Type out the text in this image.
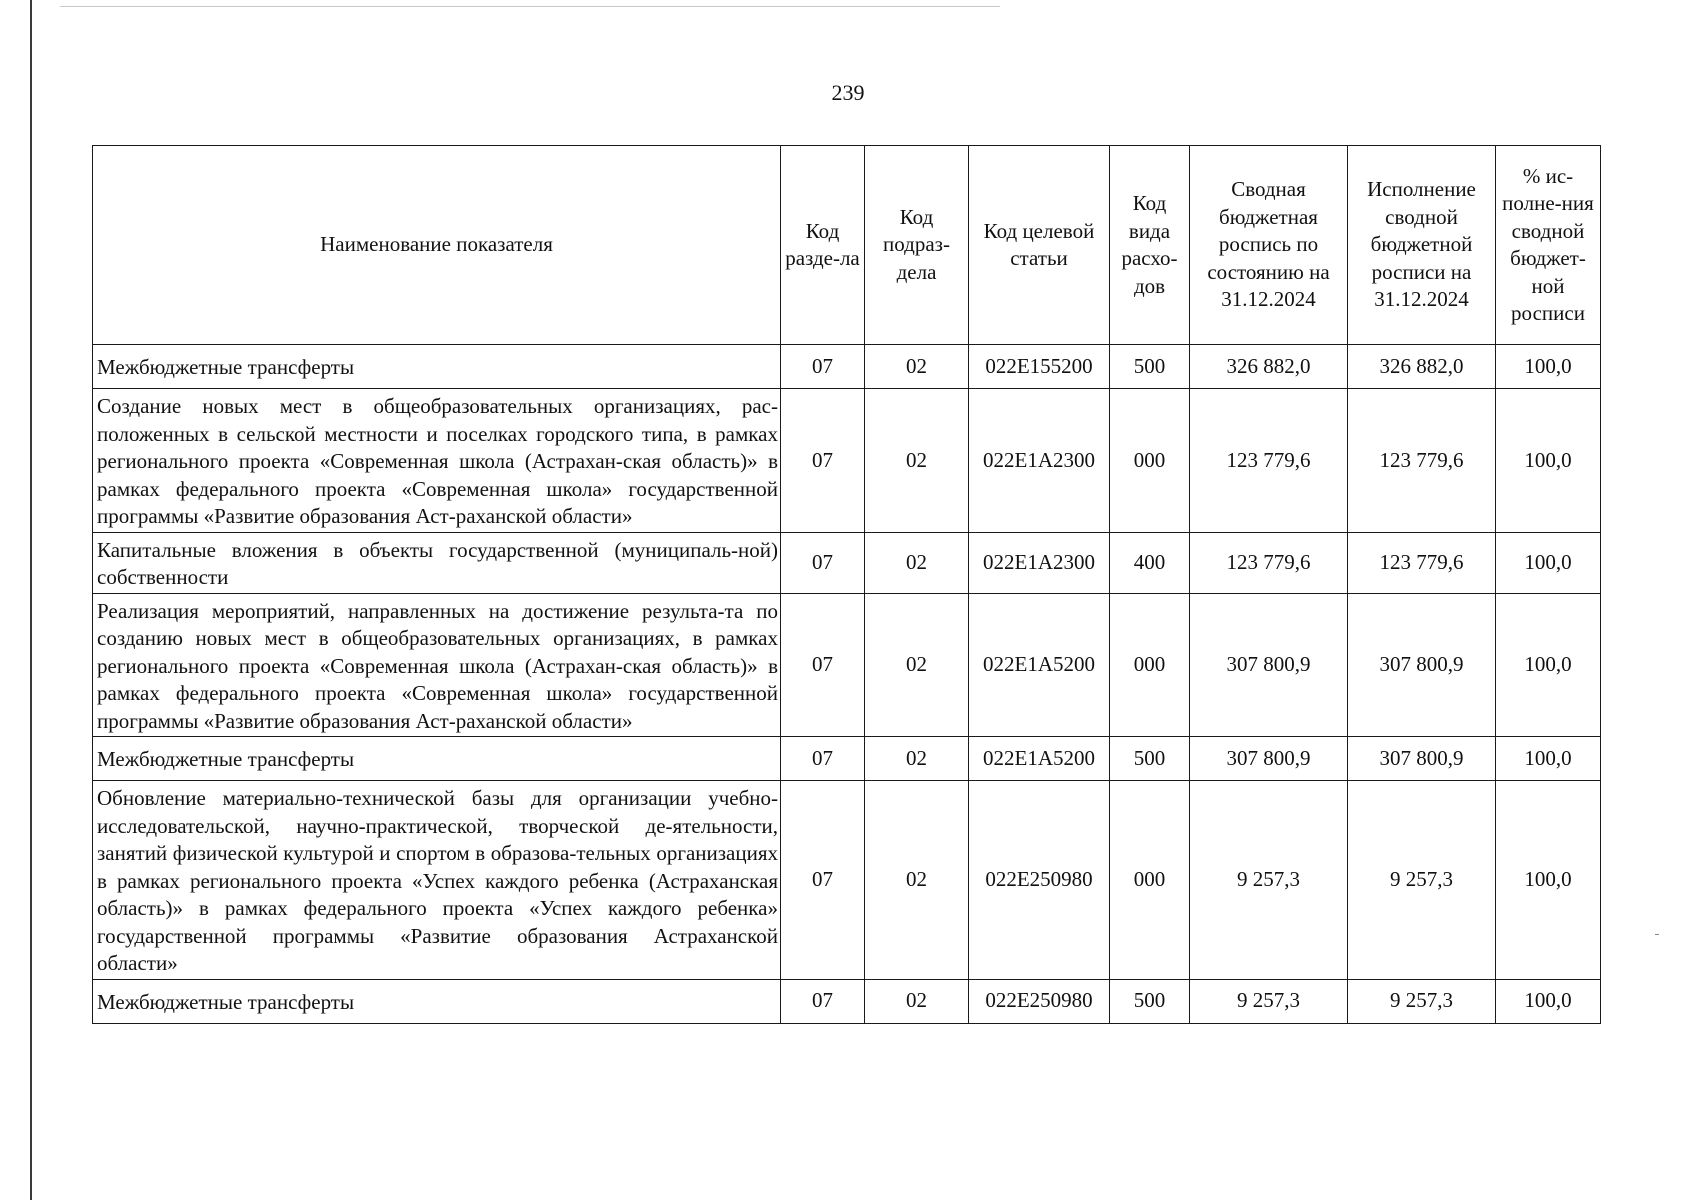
239
Наименование показателя	Код разде-ла	Код подраз-дела	Код целевой статьи	Код вида расхо-дов	Сводная бюджетная роспись по состоянию на 31.12.2024	Исполнение сводной бюджетной росписи на 31.12.2024	% ис-полне-ния сводной бюджет-ной росписи
Межбюджетные трансферты	07	02	022E155200	500	326 882,0	326 882,0	100,0
Создание новых мест в общеобразовательных организациях, рас-положенных в сельской местности и поселках городского типа, в рамках регионального проекта «Современная школа (Астрахан-ская область)» в рамках федерального проекта «Современная школа» государственной программы «Развитие образования Аст-раханской области»	07	02	022E1A2300	000	123 779,6	123 779,6	100,0
Капитальные вложения в объекты государственной (муниципаль-ной) собственности	07	02	022E1A2300	400	123 779,6	123 779,6	100,0
Реализация мероприятий, направленных на достижение результа-та по созданию новых мест в общеобразовательных организациях, в рамках регионального проекта «Современная школа (Астрахан-ская область)» в рамках федерального проекта «Современная школа» государственной программы «Развитие образования Аст-раханской области»	07	02	022E1A5200	000	307 800,9	307 800,9	100,0
Межбюджетные трансферты	07	02	022E1A5200	500	307 800,9	307 800,9	100,0
Обновление материально-технической базы для организации учебно-исследовательской, научно-практической, творческой де-ятельности, занятий физической культурой и спортом в образова-тельных организациях в рамках регионального проекта «Успех каждого ребенка (Астраханская область)» в рамках федерального проекта «Успех каждого ребенка» государственной программы «Развитие образования Астраханской области»	07	02	022E250980	000	9 257,3	9 257,3	100,0
Межбюджетные трансферты	07	02	022E250980	500	9 257,3	9 257,3	100,0
